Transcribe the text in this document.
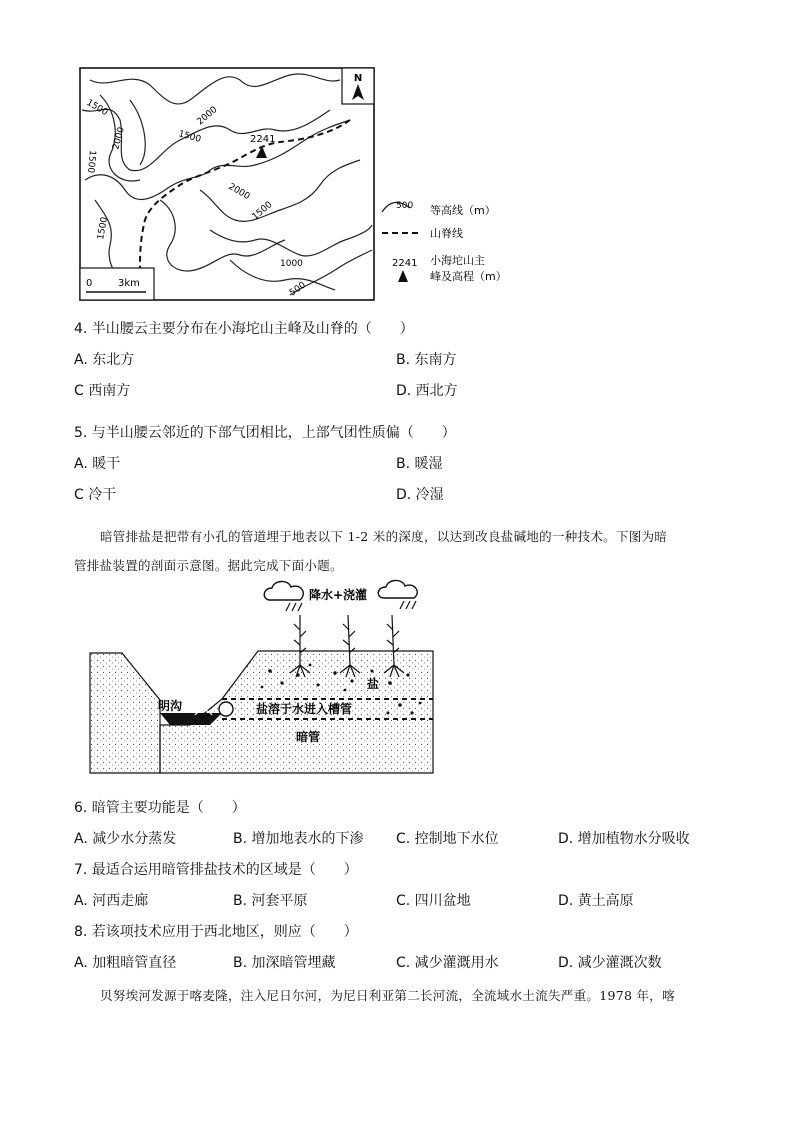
N
2241
1500
1500
2000	1500
2000
1500
1500
1000
500
2000
0	3km
500 等高线（m）
山脊线
2241 小海坨山主
峰及高程（m）
4. 半山腰云主要分布在小海坨山主峰及山脊的（　　）
A. 东北方	B. 东南方
C 西南方	D. 西北方
5. 与半山腰云邻近的下部气团相比，上部气团性质偏（　　）
A. 暖干	B. 暖湿
C 冷干	D. 冷湿
暗管排盐是把带有小孔的管道埋于地表以下 1-2 米的深度，以达到改良盐碱地的一种技术。下图为暗
管排盐装置的剖面示意图。据此完成下面小题。
降水+浇灌
盐
明沟	盐溶于水进入槽管
暗管
6. 暗管主要功能是（　　）
A. 减少水分蒸发	B. 增加地表水的下渗 C. 控制地下水位	D. 增加植物水分吸收
7. 最适合运用暗管排盐技术的区域是（　　）
A. 河西走廊	B. 河套平原	C. 四川盆地	D. 黄土高原
8. 若该项技术应用于西北地区，则应（　　）
A. 加粗暗管直径	B. 加深暗管埋藏	C. 减少灌溉用水	D. 减少灌溉次数
贝努埃河发源于喀麦隆，注入尼日尔河，为尼日利亚第二长河流，全流域水土流失严重。1978 年，喀
